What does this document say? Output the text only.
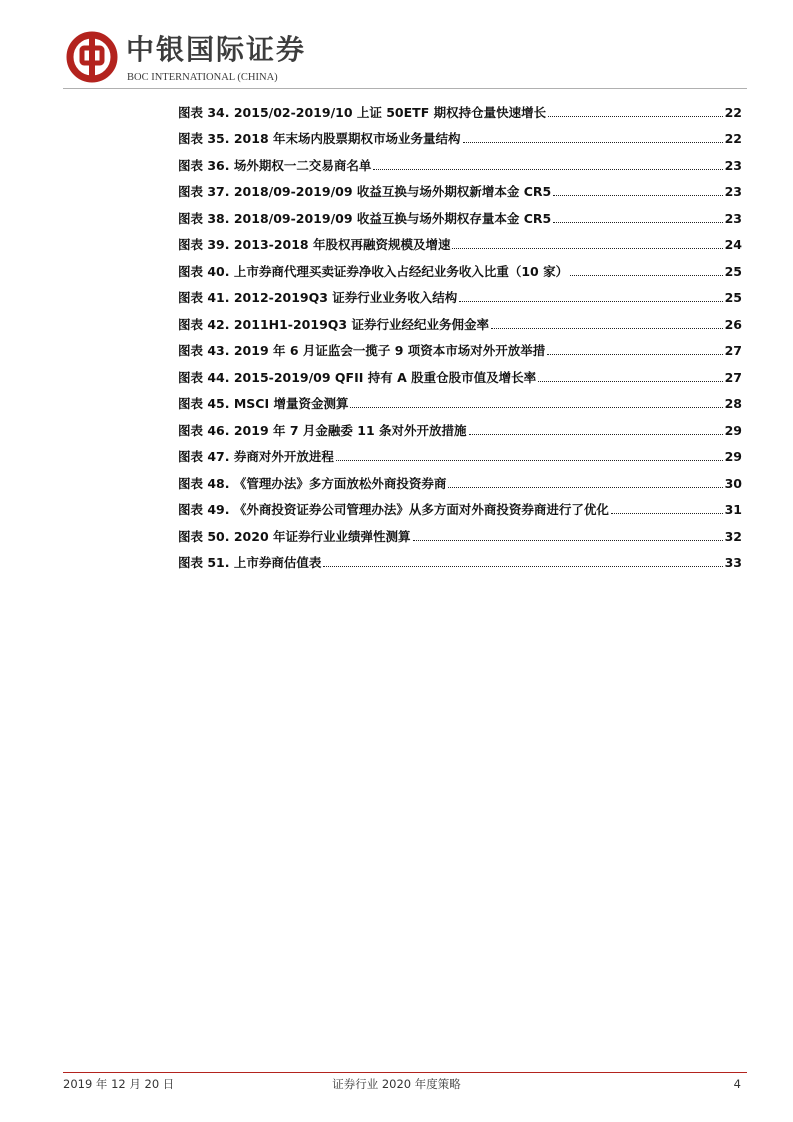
中银国际证券
BOC INTERNATIONAL (CHINA)
图表 34. 2015/02-2019/10 上证 50ETF 期权持仓量快速增长	22
图表 35. 2018 年末场内股票期权市场业务量结构	22
图表 36. 场外期权一二交易商名单	23
图表 37. 2018/09-2019/09 收益互换与场外期权新增本金 CR5	23
图表 38. 2018/09-2019/09 收益互换与场外期权存量本金 CR5	23
图表 39. 2013-2018 年股权再融资规模及增速	24
图表 40. 上市券商代理买卖证券净收入占经纪业务收入比重（10 家）	25
图表 41. 2012-2019Q3 证券行业业务收入结构	25
图表 42. 2011H1-2019Q3 证券行业经纪业务佣金率	26
图表 43. 2019 年 6 月证监会一揽子 9 项资本市场对外开放举措	27
图表 44. 2015-2019/09 QFII 持有 A 股重仓股市值及增长率	27
图表 45. MSCI 增量资金测算	28
图表 46. 2019 年 7 月金融委 11 条对外开放措施	29
图表 47. 券商对外开放进程	29
图表 48. 《管理办法》多方面放松外商投资券商	30
图表 49. 《外商投资证券公司管理办法》从多方面对外商投资券商进行了优化	31
图表 50. 2020 年证券行业业绩弹性测算	32
图表 51. 上市券商估值表	33
2019 年 12 月 20 日	证券行业 2020 年度策略	4
